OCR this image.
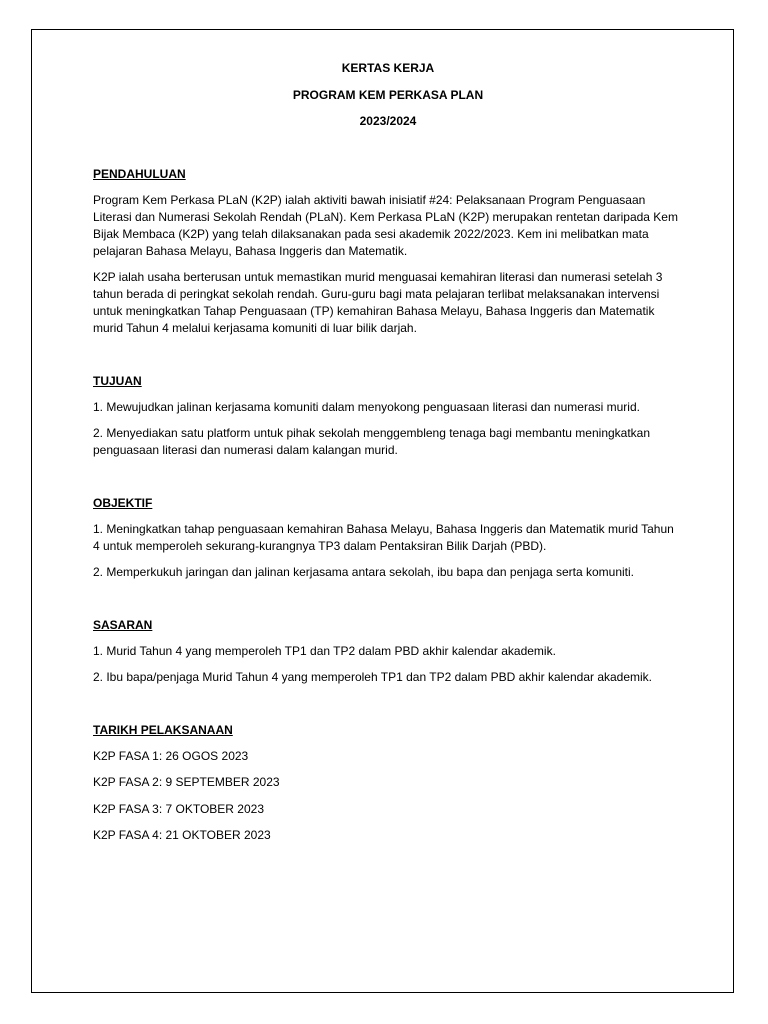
KERTAS KERJA
PROGRAM KEM PERKASA PLAN
2023/2024
PENDAHULUAN

Program Kem Perkasa PLaN (K2P) ialah aktiviti bawah inisiatif #24: Pelaksanaan Program Penguasaan Literasi dan Numerasi Sekolah Rendah (PLaN). Kem Perkasa PLaN (K2P) merupakan rentetan daripada Kem Bijak Membaca (K2P) yang telah dilaksanakan pada sesi akademik 2022/2023. Kem ini melibatkan mata pelajaran Bahasa Melayu, Bahasa Inggeris dan Matematik.

K2P ialah usaha berterusan untuk memastikan murid menguasai kemahiran literasi dan numerasi setelah 3 tahun berada di peringkat sekolah rendah. Guru-guru bagi mata pelajaran terlibat melaksanakan intervensi untuk meningkatkan Tahap Penguasaan (TP) kemahiran Bahasa Melayu, Bahasa Inggeris dan Matematik murid Tahun 4 melalui kerjasama komuniti di luar bilik darjah.

TUJUAN

1. Mewujudkan jalinan kerjasama komuniti dalam menyokong penguasaan literasi dan numerasi murid.

2. Menyediakan satu platform untuk pihak sekolah menggembleng tenaga bagi membantu meningkatkan penguasaan literasi dan numerasi dalam kalangan murid.

OBJEKTIF

1. Meningkatkan tahap penguasaan kemahiran Bahasa Melayu, Bahasa Inggeris dan Matematik murid Tahun 4 untuk memperoleh sekurang-kurangnya TP3 dalam Pentaksiran Bilik Darjah (PBD).

2. Memperkukuh jaringan dan jalinan kerjasama antara sekolah, ibu bapa dan penjaga serta komuniti.

SASARAN

1. Murid Tahun 4 yang memperoleh TP1 dan TP2 dalam PBD akhir kalendar akademik.

2. Ibu bapa/penjaga Murid Tahun 4 yang memperoleh TP1 dan TP2 dalam PBD akhir kalendar akademik.

TARIKH PELAKSANAAN

K2P FASA 1: 26 OGOS 2023

K2P FASA 2: 9 SEPTEMBER 2023

K2P FASA 3: 7 OKTOBER 2023

K2P FASA 4: 21 OKTOBER 2023
